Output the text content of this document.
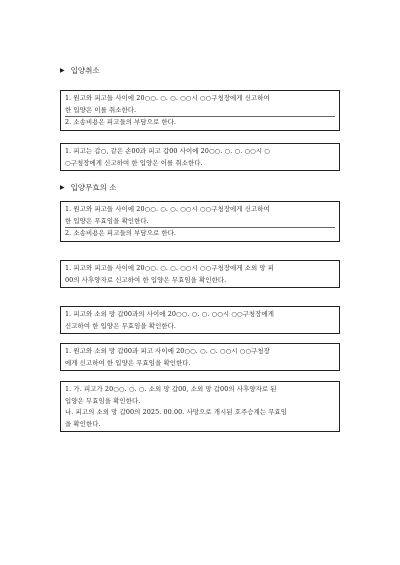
▶ 입양취소
1. 원고와 피고들 사이에 20○○. ○. ○. ○○시 ○○구청장에게 신고하여
한 입양은 이를 취소한다.
2. 소송비용은 피고들의 부담으로 한다.
1. 피고는 갑○, 같은 손00과 피고 갑00 사이에 20○○. ○. ○. ○○시 ○
○구청장에게 신고하여 한 입양은 이를 취소한다.
▶ 입양무효의 소
1. 원고와 피고들 사이에 20○○. ○. ○. ○○시 ○○구청장에게 신고하여
한 입양은 무효임을 확인한다.
2. 소송비용은 피고들의 부담으로 한다.
1. 피고와 피고들 사이에 20○○. ○. ○. ○○시 ○○구청장에게 소외 망 피
00의 사후양자로 신고하여 한 입양은 무효임을 확인한다.
1. 피고와 소외 망 갑00과의 사이에 20○○. ○. ○. ○○시 ○○구청장에게
신고하여 한 입양은 무효임을 확인한다.
1. 원고와 소외 망 갑00과 피고 사이에 20○○. ○. ○. ○○시 ○○구청장
에게 신고하여 한 입양은 무효임을 확인한다.
1. 가. 피고가 20○○. ○. ○. 소외 망 갑00, 소외 망 갑00의 사후양자로 된
입양은 무효임을 확인한다.
나. 피고의 소외 망 갑00의 2025. 00.00. 사망으로 개시된 호주승계는 무효임
을 확인한다.
